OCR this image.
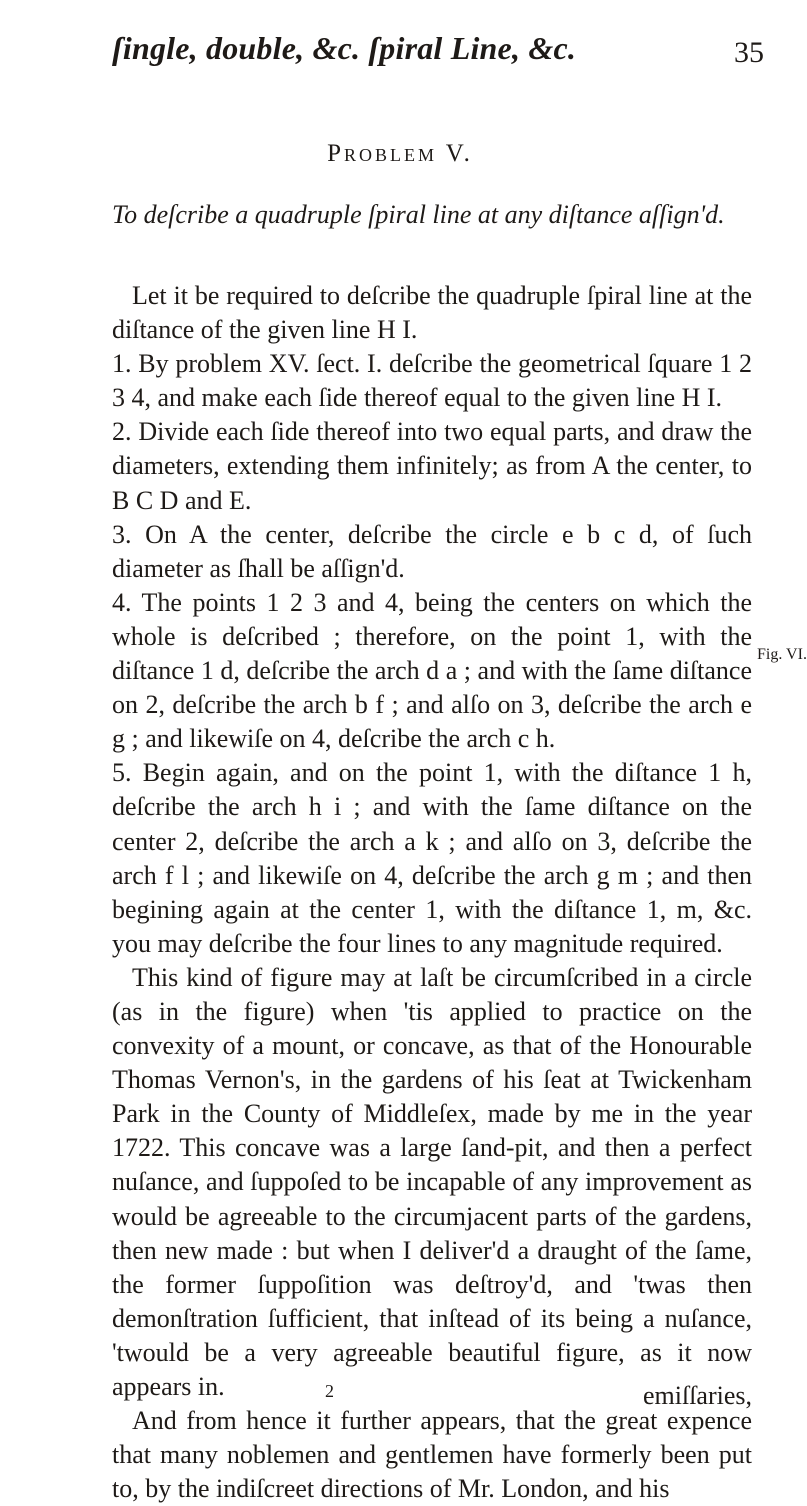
ſingle, double, &c. ſpiral Line, &c.	35
Problem V.
To deſcribe a quadruple ſpiral line at any diſtance aſſign'd.

Let it be required to deſcribe the quadruple ſpiral line at the diſtance of the given line H I.

1. By problem XV. ſect. I. deſcribe the geometrical ſquare 1 2 3 4, and make each ſide thereof equal to the given line H I.

2. Divide each ſide thereof into two equal parts, and draw the diameters, extending them infinitely; as from A the center, to B C D and E.

3. On A the center, deſcribe the circle e b c d, of ſuch diameter as ſhall be aſſign'd.

4. The points 1 2 3 and 4, being the centers on which the whole is deſcribed ; therefore, on the point 1, with the diſtance 1 d, deſcribe the arch d a ; and with the ſame diſtance on 2, deſcribe the arch b f ; and alſo on 3, deſcribe the arch e g ; and likewiſe on 4, deſcribe the arch c h.

5. Begin again, and on the point 1, with the diſtance 1 h, deſcribe the arch h i ; and with the ſame diſtance on the center 2, deſcribe the arch a k ; and alſo on 3, deſcribe the arch f l ; and likewiſe on 4, deſcribe the arch g m ; and then begining again at the center 1, with the diſtance 1, m, &c. you may deſcribe the four lines to any magnitude required.

This kind of figure may at laſt be circumſcribed in a circle (as in the figure) when 'tis applied to practice on the convexity of a mount, or concave, as that of the Honourable Thomas Vernon's, in the gardens of his ſeat at Twickenham Park in the County of Middleſex, made by me in the year 1722. This concave was a large ſand-pit, and then a perfect nuſance, and ſuppoſed to be incapable of any improvement as would be agreeable to the circumjacent parts of the gardens, then new made : but when I deliver'd a draught of the ſame, the former ſuppoſition was deſtroy'd, and 'twas then demonſtration ſufficient, that inſtead of its being a nuſance, 'twould be a very agreeable beautiful figure, as it now appears in.

And from hence it further appears, that the great expence that many noblemen and gentlemen have formerly been put to, by the indiſcreet directions of Mr. London, and his

Fig. VI.
2	emiſſaries,
